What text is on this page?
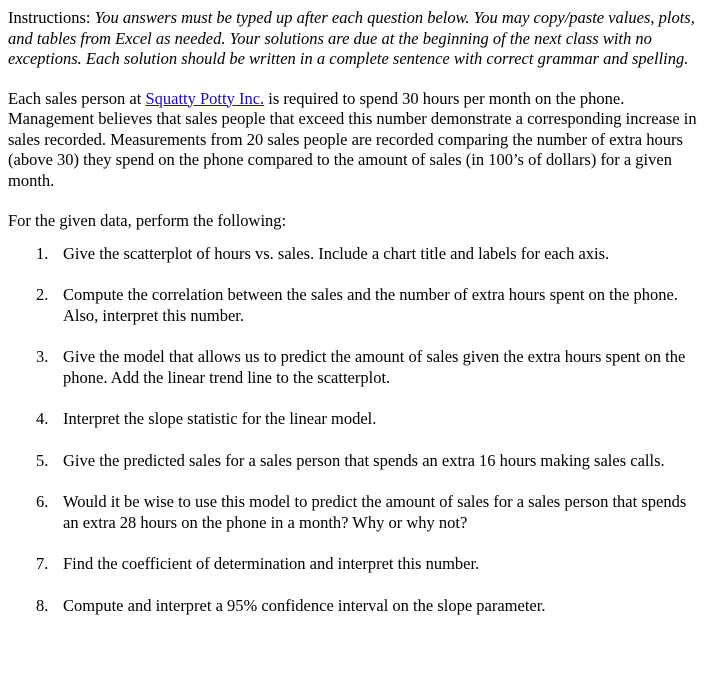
Instructions: You answers must be typed up after each question below. You may copy/paste values, plots, and tables from Excel as needed. Your solutions are due at the beginning of the next class with no exceptions. Each solution should be written in a complete sentence with correct grammar and spelling.

Each sales person at Squatty Potty Inc. is required to spend 30 hours per month on the phone. Management believes that sales people that exceed this number demonstrate a corresponding increase in sales recorded. Measurements from 20 sales people are recorded comparing the number of extra hours (above 30) they spend on the phone compared to the amount of sales (in 100’s of dollars) for a given month.

For the given data, perform the following:

1. Give the scatterplot of hours vs. sales. Include a chart title and labels for each axis.
2. Compute the correlation between the sales and the number of extra hours spent on the phone. Also, interpret this number.
3. Give the model that allows us to predict the amount of sales given the extra hours spent on the phone. Add the linear trend line to the scatterplot.
4. Interpret the slope statistic for the linear model.
5. Give the predicted sales for a sales person that spends an extra 16 hours making sales calls.
6. Would it be wise to use this model to predict the amount of sales for a sales person that spends an extra 28 hours on the phone in a month? Why or why not?
7. Find the coefficient of determination and interpret this number.
8. Compute and interpret a 95% confidence interval on the slope parameter.
